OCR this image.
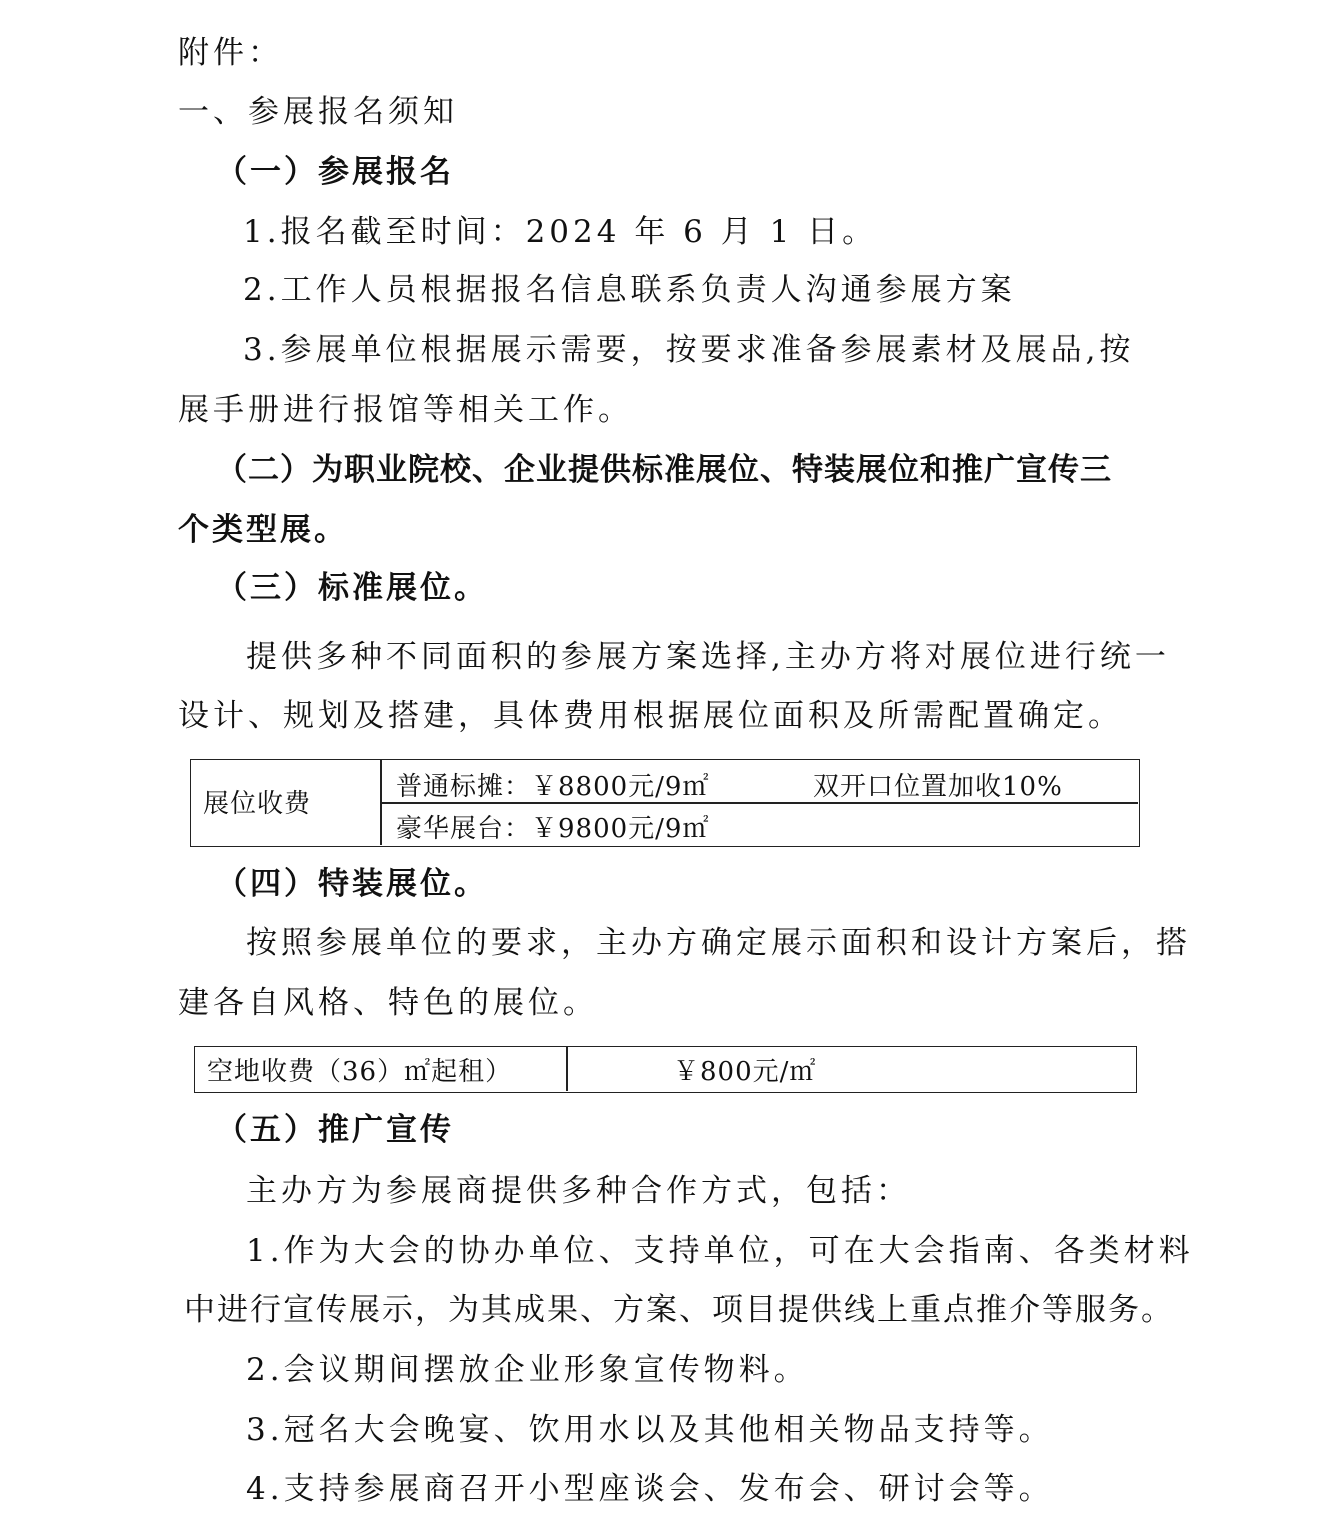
附件：
一、参展报名须知
（一）参展报名
1.报名截至时间：2024 年 6 月 1 日。
2.工作人员根据报名信息联系负责人沟通参展方案
3.参展单位根据展示需要，按要求准备参展素材及展品,按
展手册进行报馆等相关工作。
（二）为职业院校、企业提供标准展位、特装展位和推广宣传三
个类型展。
（三）标准展位。
提供多种不同面积的参展方案选择,主办方将对展位进行统一
设计、规划及搭建，具体费用根据展位面积及所需配置确定。
展位收费
普通标摊：￥8800元/9㎡	双开口位置加收10%
豪华展台：￥9800元/9㎡
（四）特装展位。
按照参展单位的要求，主办方确定展示面积和设计方案后，搭
建各自风格、特色的展位。
空地收费（36）㎡起租）	￥800元/㎡
（五）推广宣传
主办方为参展商提供多种合作方式，包括：
1.作为大会的协办单位、支持单位，可在大会指南、各类材料
中进行宣传展示，为其成果、方案、项目提供线上重点推介等服务。
2.会议期间摆放企业形象宣传物料。
3.冠名大会晚宴、饮用水以及其他相关物品支持等。
4.支持参展商召开小型座谈会、发布会、研讨会等。
